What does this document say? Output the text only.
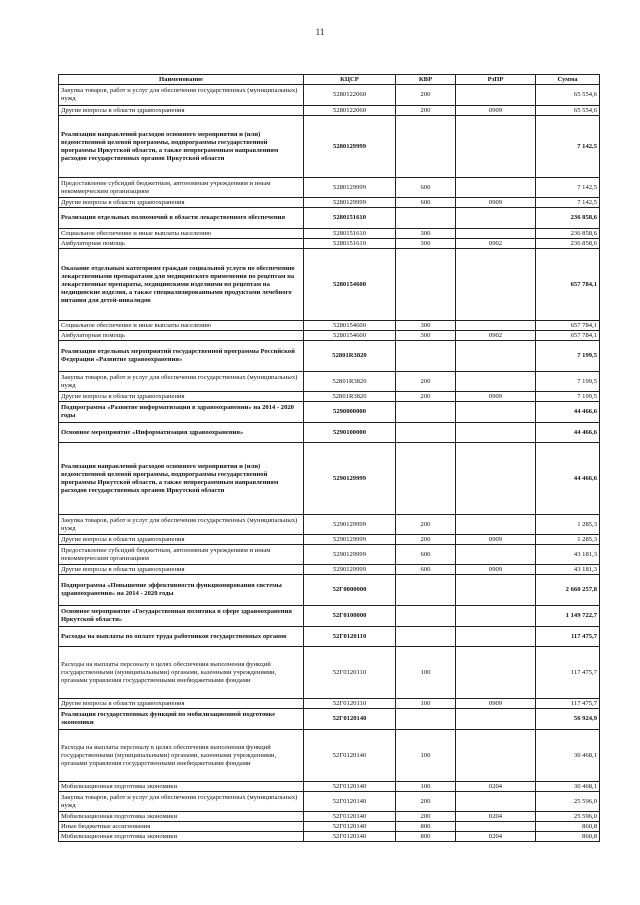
11
Наименование	КЦСР	КВР	РзПР	Сумма
Закупка товаров, работ и услуг для обеспечения государственных (муниципальных) нужд	5280122060	200		65 554,6
Другие вопросы в области здравоохранения	5280122060	200	0909	65 554,6
Реализация направлений расходов основного мероприятия и (или) ведомственной целевой программы, подпрограммы государственной программы Иркутской области, а также непрограммным направлениям расходов государственных органов Иркутской области	5280129999			7 142,5
Предоставление субсидий бюджетным, автономным учреждениям и иным некоммерческим организациям	5280129999	600		7 142,5
Другие вопросы в области здравоохранения	5280129999	600	0909	7 142,5
Реализация отдельных полномочий в области лекарственного обеспечения	5280151610			236 858,6
Социальное обеспечение и иные выплаты населению	5280151610	300		236 858,6
Амбулаторная помощь	5280151610	300	0902	236 858,6
Оказание отдельным категориям граждан социальной услуги по обеспечению лекарственными препаратами для медицинского применения по рецептам на лекарственные препараты, медицинскими изделиями по рецептам на медицинские изделия, а также специализированными продуктами лечебного питания для детей-инвалидов	5280154600			657 784,1
Социальное обеспечение и иные выплаты населению	5280154600	300		657 784,1
Амбулаторная помощь	5280154600	300	0902	657 784,1
Реализация отдельных мероприятий государственной программы Российской Федерации «Развитие здравоохранения»	52801R3820			7 199,5
Закупка товаров, работ и услуг для обеспечения государственных (муниципальных) нужд	52801R3820	200		7 199,5
Другие вопросы в области здравоохранения	52801R3820	200	0909	7 199,5
Подпрограмма «Развитие информатизации в здравоохранении» на 2014 - 2020 годы	5290000000			44 466,6
Основное мероприятие «Информатизация здравоохранения»	5290100000			44 466,6
Реализация направлений расходов основного мероприятия и (или) ведомственной целевой программы, подпрограммы государственной программы Иркутской области, а также непрограммным направлениям расходов государственных органов Иркутской области	5290129999			44 466,6
Закупка товаров, работ и услуг для обеспечения государственных (муниципальных) нужд	5290129999	200		1 285,3
Другие вопросы в области здравоохранения	5290129999	200	0909	1 285,3
Предоставление субсидий бюджетным, автономным учреждениям и иным некоммерческим организациям	5290129999	600		43 181,3
Другие вопросы в области здравоохранения	5290129999	600	0909	43 181,3
Подпрограмма «Повышение эффективности функционирования системы здравоохранения» на 2014 - 2020 годы	52Г0000000			2 660 257,8
Основное мероприятие «Государственная политика в сфере здравоохранения Иркутской области»	52Г0100000			1 149 722,7
Расходы на выплаты по оплате труда работников государственных органов	52Г0120110			117 475,7
Расходы на выплаты персоналу в целях обеспечения выполнения функций государственными (муниципальными) органами, казенными учреждениями, органами управления государственными внебюджетными фондами	52Г0120110	100		117 475,7
Другие вопросы в области здравоохранения	52Г0120110	100	0909	117 475,7
Реализация государственных функций по мобилизационной подготовке экономики	52Г0120140			56 924,9
Расходы на выплаты персоналу в целях обеспечения выполнения функций государственными (муниципальными) органами, казенными учреждениями, органами управления государственными внебюджетными фондами	52Г0120140	100		30 468,1
Мобилизационная подготовка экономики	52Г0120140	100	0204	30 468,1
Закупка товаров, работ и услуг для обеспечения государственных (муниципальных) нужд	52Г0120140	200		25 596,0
Мобилизационная подготовка экономики	52Г0120140	200	0204	25 596,0
Иные бюджетные ассигнования	52Г0120140	800		860,8
Мобилизационная подготовка экономики	52Г0120140	800	0204	860,8
